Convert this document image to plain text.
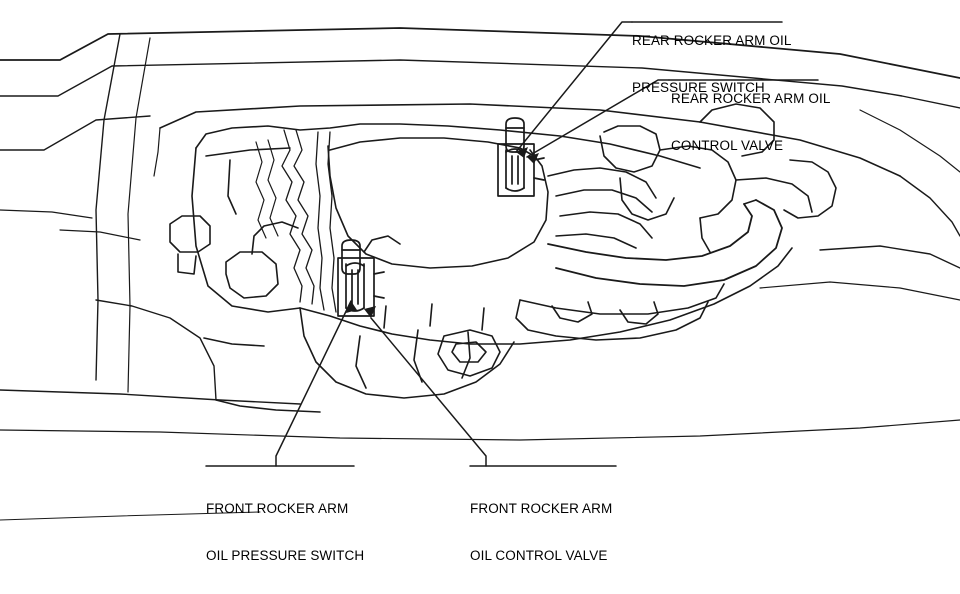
REAR ROCKER ARM OIL

PRESSURE SWITCH

REAR ROCKER ARM OIL

CONTROL VALVE

FRONT ROCKER ARM

OIL PRESSURE SWITCH

FRONT ROCKER ARM

OIL CONTROL VALVE
